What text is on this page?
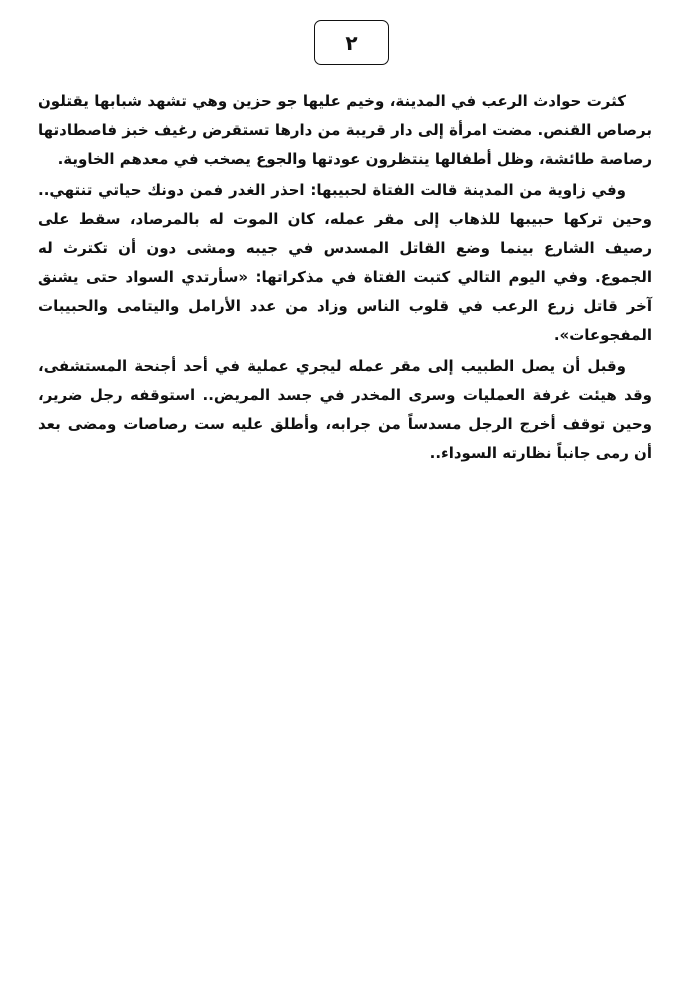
٢

كثرت حوادث الرعب في المدينة، وخيم عليها جو حزين وهي تشهد شبابها يقتلون برصاص القنص. مضت امرأة إلى دار قريبة من دارها تستقرض رغيف خبز فاصطادتها رصاصة طائشة، وظل أطفالها ينتظرون عودتها والجوع يصخب في معدهم الخاوية.

وفي زاوية من المدينة قالت الفتاة لحبيبها: احذر الغدر فمن دونك حياتي تنتهي.. وحين تركها حبيبها للذهاب إلى مقر عمله، كان الموت له بالمرصاد، سقط على رصيف الشارع بينما وضع القاتل المسدس في جيبه ومشى دون أن تكترث له الجموع. وفي اليوم التالي كتبت الفتاة في مذكراتها: «سأرتدي السواد حتى يشنق آخر قاتل زرع الرعب في قلوب الناس وزاد من عدد الأرامل واليتامى والحبيبات المفجوعات».

وقبل أن يصل الطبيب إلى مقر عمله ليجري عملية في أحد أجنحة المستشفى، وقد هيئت غرفة العمليات وسرى المخدر في جسد المريض.. استوقفه رجل ضرير، وحين توقف أخرج الرجل مسدساً من جرابه، وأطلق عليه ست رصاصات ومضى بعد أن رمى جانباً نظارته السوداء..
